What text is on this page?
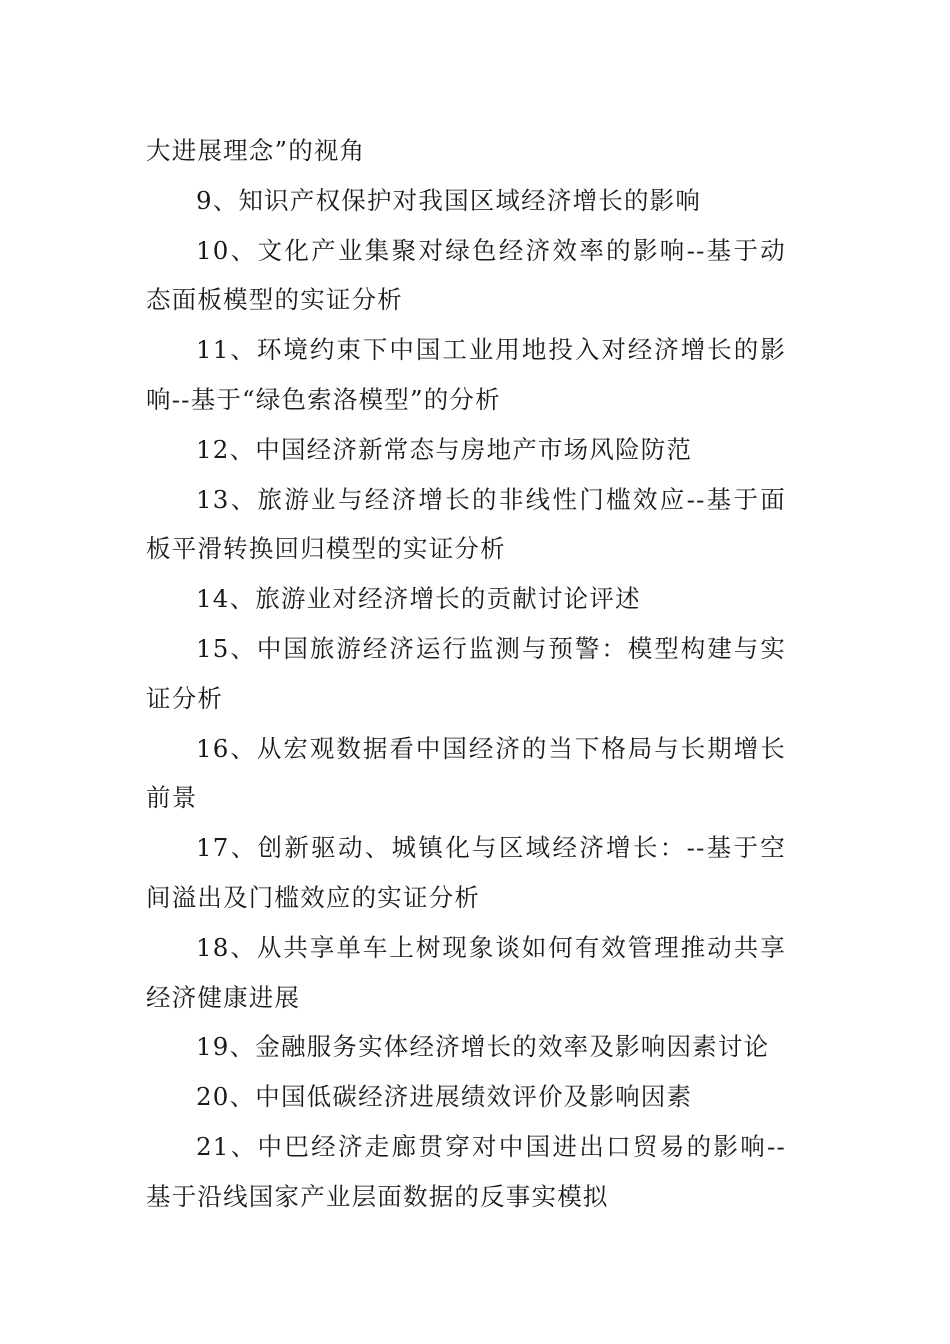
大进展理念”的视角

9、知识产权保护对我国区域经济增长的影响

10、文化产业集聚对绿色经济效率的影响--基于动态面板模型的实证分析

11、环境约束下中国工业用地投入对经济增长的影响--基于“绿色索洛模型”的分析

12、中国经济新常态与房地产市场风险防范

13、旅游业与经济增长的非线性门槛效应--基于面板平滑转换回归模型的实证分析

14、旅游业对经济增长的贡献讨论评述

15、中国旅游经济运行监测与预警：模型构建与实证分析

16、从宏观数据看中国经济的当下格局与长期增长前景

17、创新驱动、城镇化与区域经济增长：--基于空间溢出及门槛效应的实证分析

18、从共享单车上树现象谈如何有效管理推动共享经济健康进展

19、金融服务实体经济增长的效率及影响因素讨论

20、中国低碳经济进展绩效评价及影响因素

21、中巴经济走廊贯穿对中国进出口贸易的影响--基于沿线国家产业层面数据的反事实模拟
